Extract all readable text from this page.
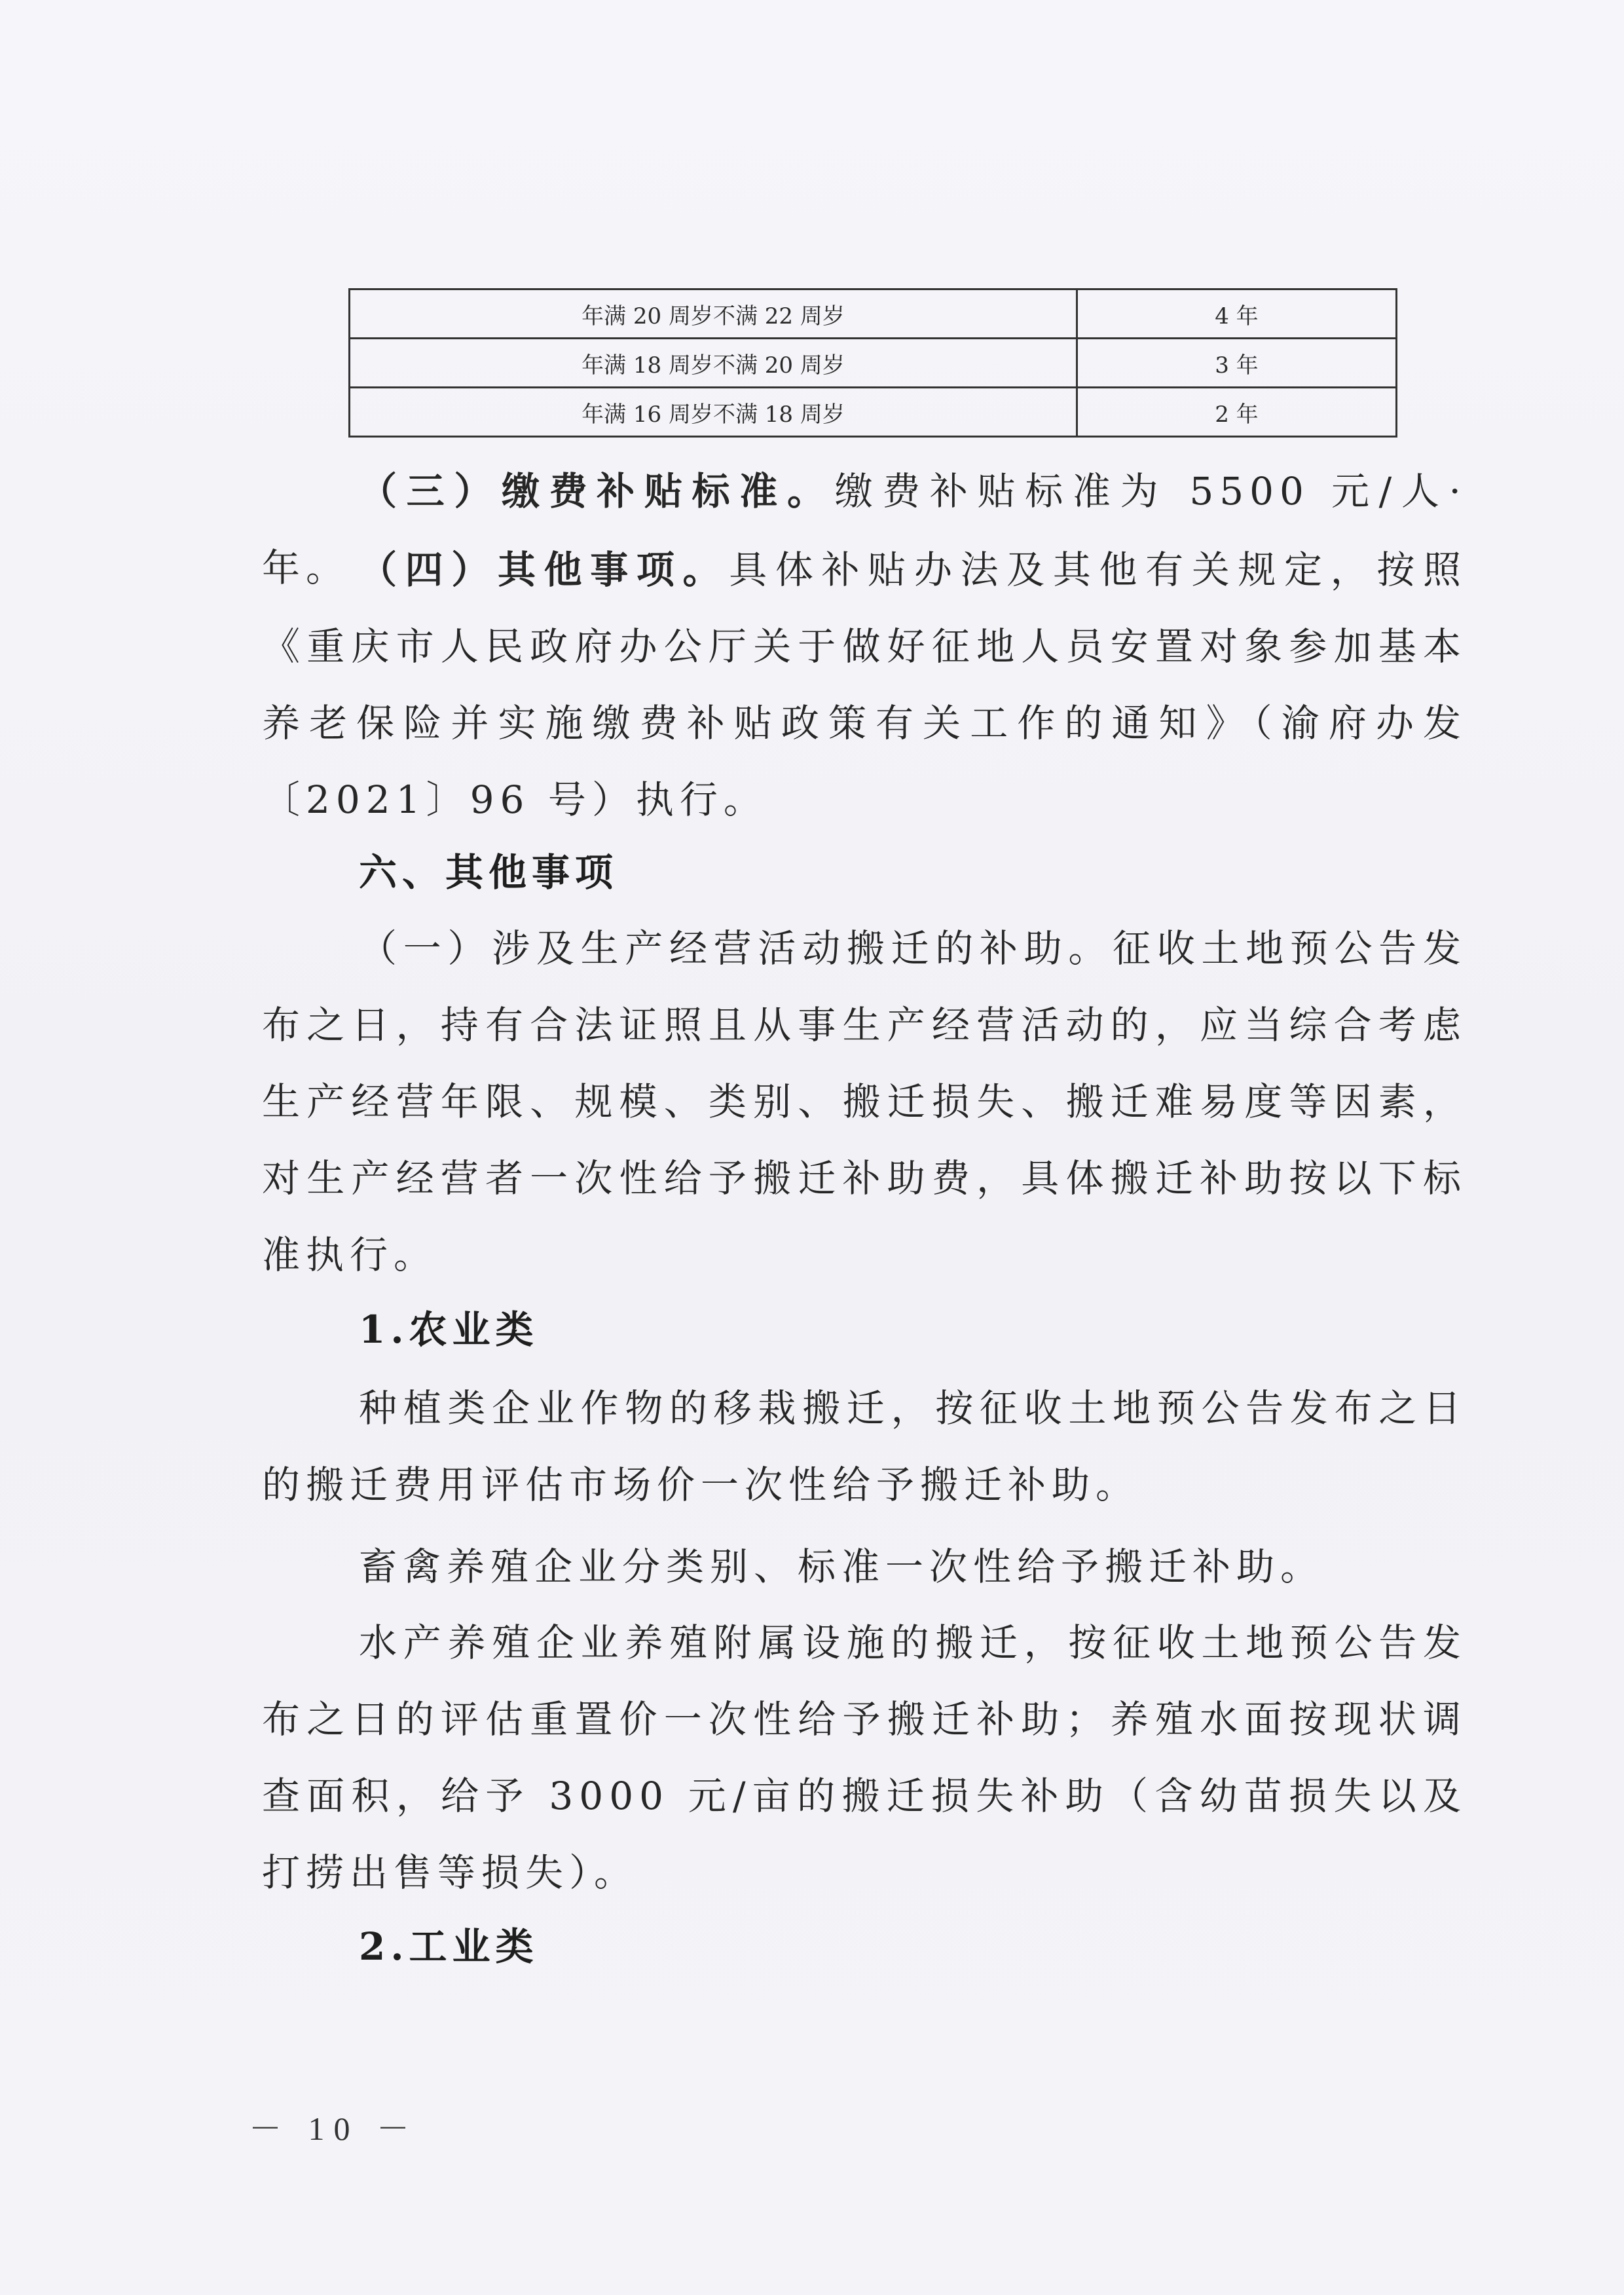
年满 20 周岁不满 22 周岁	4 年
年满 18 周岁不满 20 周岁	3 年
年满 16 周岁不满 18 周岁	2 年

（三）缴费补贴标准。缴费补贴标准为 5500 元/人·年。 （四）其他事项。具体补贴办法及其他有关规定，按照《重庆市人民政府办公厅关于做好征地人员安置对象参加基本养老保险并实施缴费补贴政策有关工作的通知》（渝府办发〔2021〕96 号）执行。

六、其他事项

（一）涉及生产经营活动搬迁的补助。征收土地预公告发布之日，持有合法证照且从事生产经营活动的，应当综合考虑生产经营年限、规模、类别、搬迁损失、搬迁难易度等因素，对生产经营者一次性给予搬迁补助费，具体搬迁补助按以下标准执行。

1.农业类

种植类企业作物的移栽搬迁，按征收土地预公告发布之日的搬迁费用评估市场价一次性给予搬迁补助。

畜禽养殖企业分类别、标准一次性给予搬迁补助。

水产养殖企业养殖附属设施的搬迁，按征收土地预公告发布之日的评估重置价一次性给予搬迁补助；养殖水面按现状调查面积，给予 3000 元/亩的搬迁损失补助（含幼苗损失以及打捞出售等损失）。

2.工业类
－ 10 －
